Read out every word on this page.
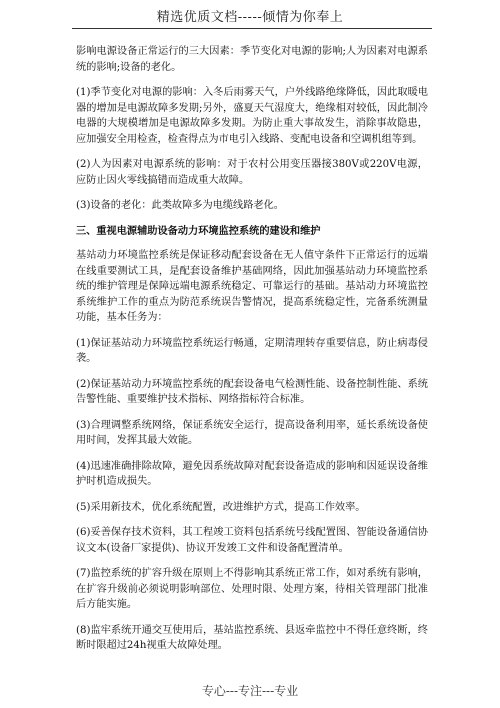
精选优质文档-----倾情为你奉上

影响电源设备正常运行的三大因素：季节变化对电源的影响;人为因素对电源系统的影响;设备的老化。

(1)季节变化对电源的影响：入冬后雨雾天气，户外线路绝缘降低，因此取暖电器的增加是电源故障多发期;另外，盛夏天气湿度大，绝缘相对较低，因此制冷电器的大规模增加是电源故障多发期。为防止重大事故发生，消除事故隐患，应加强安全用检查，检查得点为市电引入线路、变配电设备和空调机组等到。

(2)人为因素对电源系统的影响：对于农村公用变压器接380V或220V电源，应防止因火零线搞错而造成重大故障。

(3)设备的老化：此类故障多为电缆线路老化。

三、重视电源辅助设备动力环境监控系统的建设和维护

基站动力环境监控系统是保证移动配套设备在无人值守条件下正常运行的远端在线重要测试工具，是配套设备维护基础网络，因此加强基站动力环境监控系统的维护管理是保障远端电源系统稳定、可靠运行的基础。基站动力环境监控系统维护工作的重点为防范系统误告警情况，提高系统稳定性，完备系统测量功能，基本任务为：

(1)保证基站动力环境监控系统运行畅通，定期清理转存重要信息，防止病毒侵袭。

(2)保证基站动力环境监控系统的配套设备电气检测性能、设备控制性能、系统告警性能、重要维护技术指标、网络指标符合标准。

(3)合理调整系统网络，保证系统安全运行，提高设备利用率，延长系统设备使用时间，发挥其最大效能。

(4)迅速准确排除故障，避免因系统故障对配套设备造成的影响和因延误设备维护时机造成损失。

(5)采用新技术，优化系统配置，改进维护方式，提高工作效率。

(6)妥善保存技术资料，其工程竣工资料包括系统号线配置图、智能设备通信协议文本(设备厂家提供)、协议开发竣工文件和设备配置清单。

(7)监控系统的扩容升级在原则上不得影响其系统正常工作，如对系统有影响，在扩容升级前必须说明影响部位、处理时限、处理方案，待相关管理部门批准后方能实施。

(8)监牢系统开通交互使用后，基站监控系统、县返牵监控中不得任意终断，终断时限超过24h视重大故障处理。

专心---专注---专业
